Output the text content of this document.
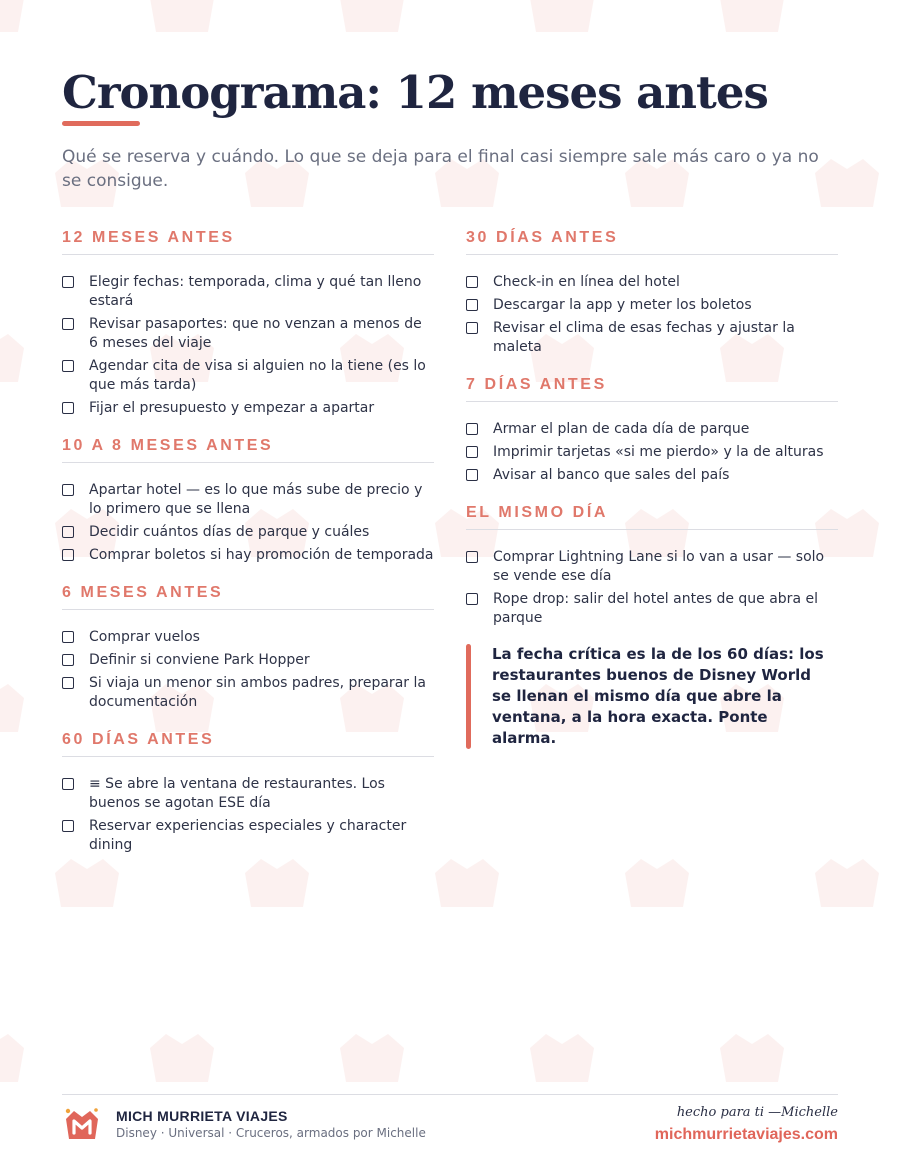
Cronograma: 12 meses antes
Qué se reserva y cuándo. Lo que se deja para el final casi siempre sale más caro o ya no se consigue.
12 MESES ANTES
Elegir fechas: temporada, clima y qué tan lleno estará
Revisar pasaportes: que no venzan a menos de 6 meses del viaje
Agendar cita de visa si alguien no la tiene (es lo que más tarda)
Fijar el presupuesto y empezar a apartar
10 A 8 MESES ANTES
Apartar hotel — es lo que más sube de precio y lo primero que se llena
Decidir cuántos días de parque y cuáles
Comprar boletos si hay promoción de temporada
6 MESES ANTES
Comprar vuelos
Definir si conviene Park Hopper
Si viaja un menor sin ambos padres, preparar la documentación
60 DÍAS ANTES
≡ Se abre la ventana de restaurantes. Los buenos se agotan ESE día
Reservar experiencias especiales y character dining
30 DÍAS ANTES
Check-in en línea del hotel
Descargar la app y meter los boletos
Revisar el clima de esas fechas y ajustar la maleta
7 DÍAS ANTES
Armar el plan de cada día de parque
Imprimir tarjetas «si me pierdo» y la de alturas
Avisar al banco que sales del país
EL MISMO DÍA
Comprar Lightning Lane si lo van a usar — solo se vende ese día
Rope drop: salir del hotel antes de que abra el parque
La fecha crítica es la de los 60 días: los restaurantes buenos de Disney World se llenan el mismo día que abre la ventana, a la hora exacta. Ponte alarma.
MICH MURRIETA VIAJES
Disney · Universal · Cruceros, armados por Michelle
hecho para ti —Michelle
michmurrietaviajes.com
